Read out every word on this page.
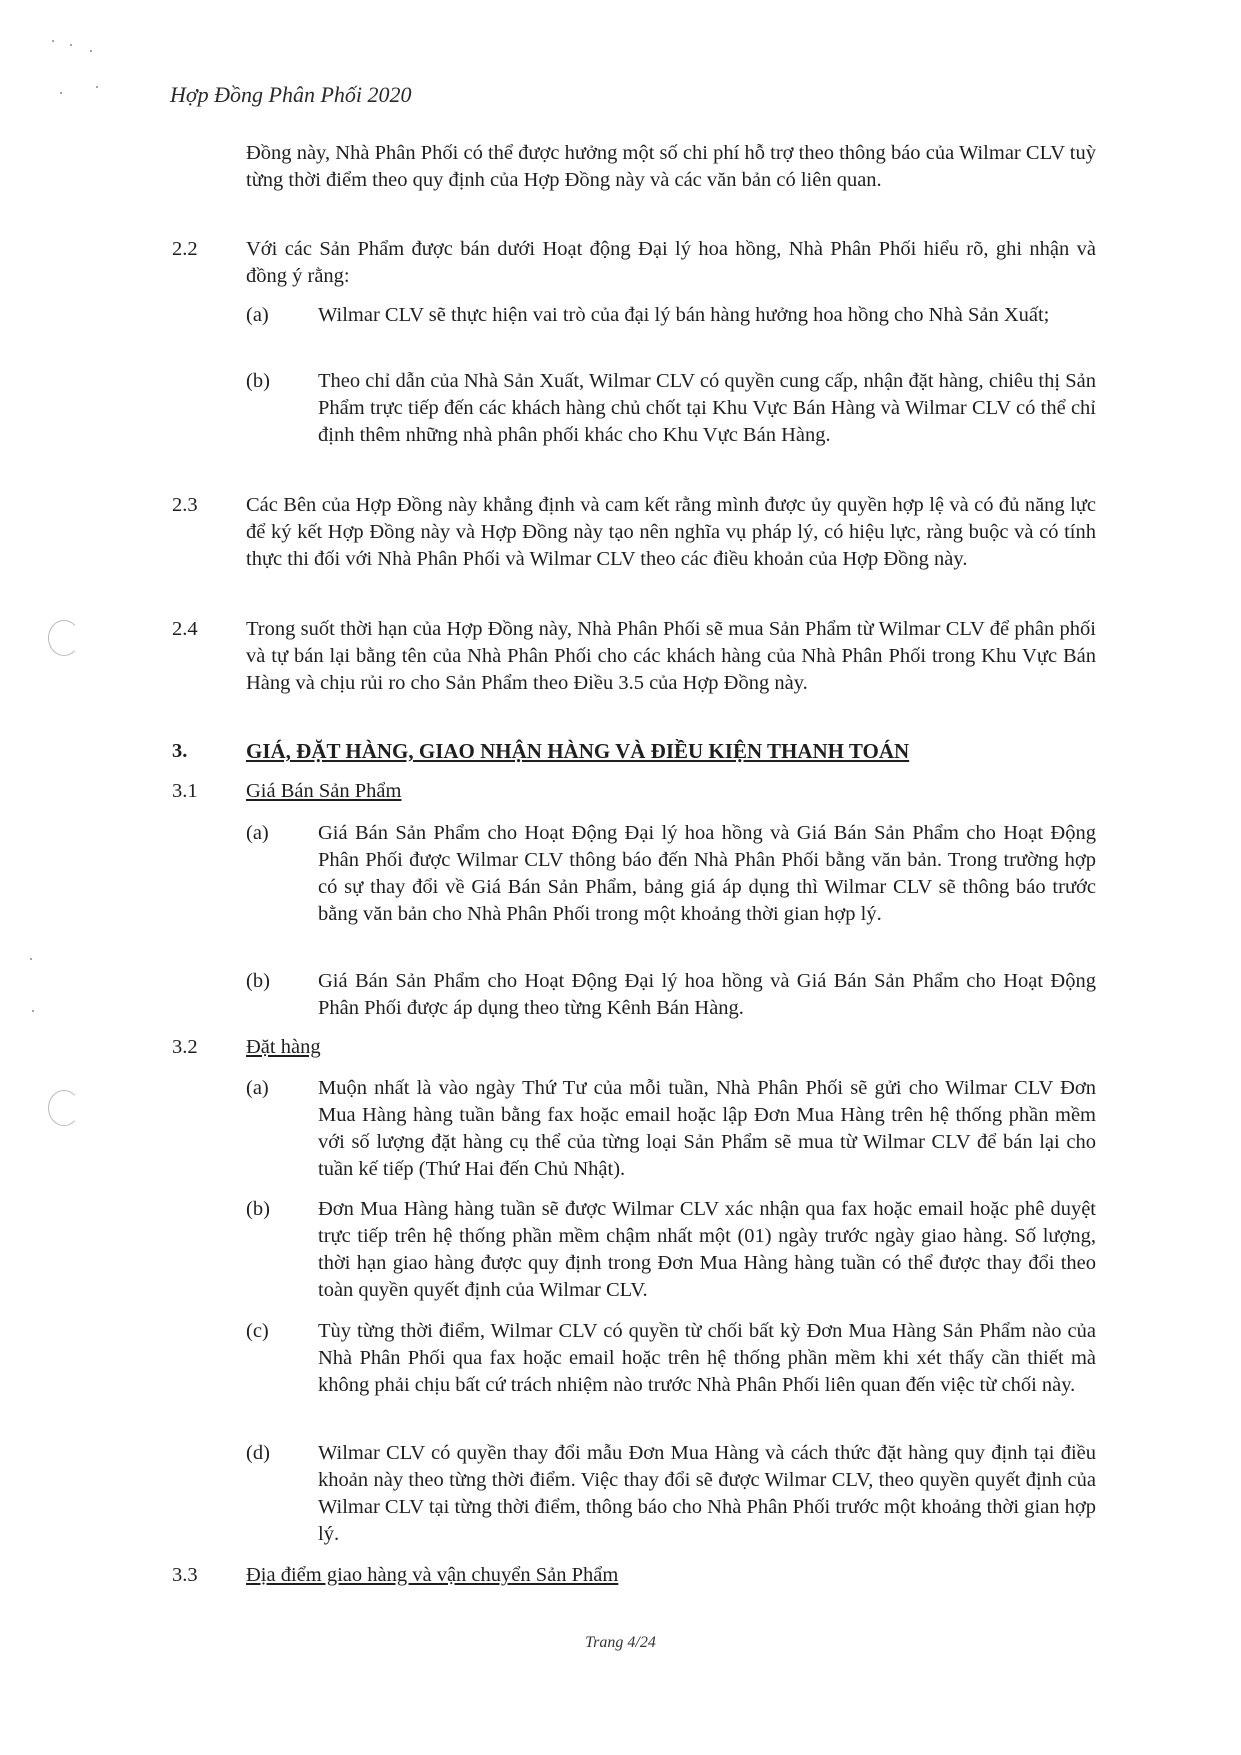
Hợp Đồng Phân Phối 2020
Đồng này, Nhà Phân Phối có thể được hưởng một số chi phí hỗ trợ theo thông báo của Wilmar CLV tuỳ từng thời điểm theo quy định của Hợp Đồng này và các văn bản có liên quan.
2.2 Với các Sản Phẩm được bán dưới Hoạt động Đại lý hoa hồng, Nhà Phân Phối hiểu rõ, ghi nhận và đồng ý rằng:
(a) Wilmar CLV sẽ thực hiện vai trò của đại lý bán hàng hưởng hoa hồng cho Nhà Sản Xuất;
(b) Theo chỉ dẫn của Nhà Sản Xuất, Wilmar CLV có quyền cung cấp, nhận đặt hàng, chiêu thị Sản Phẩm trực tiếp đến các khách hàng chủ chốt tại Khu Vực Bán Hàng và Wilmar CLV có thể chỉ định thêm những nhà phân phối khác cho Khu Vực Bán Hàng.
2.3 Các Bên của Hợp Đồng này khẳng định và cam kết rằng mình được ủy quyền hợp lệ và có đủ năng lực để ký kết Hợp Đồng này và Hợp Đồng này tạo nên nghĩa vụ pháp lý, có hiệu lực, ràng buộc và có tính thực thi đối với Nhà Phân Phối và Wilmar CLV theo các điều khoản của Hợp Đồng này.
2.4 Trong suốt thời hạn của Hợp Đồng này, Nhà Phân Phối sẽ mua Sản Phẩm từ Wilmar CLV để phân phối và tự bán lại bằng tên của Nhà Phân Phối cho các khách hàng của Nhà Phân Phối trong Khu Vực Bán Hàng và chịu rủi ro cho Sản Phẩm theo Điều 3.5 của Hợp Đồng này.
3.	GIÁ, ĐẶT HÀNG, GIAO NHẬN HÀNG VÀ ĐIỀU KIỆN THANH TOÁN
3.1 Giá Bán Sản Phẩm
(a) Giá Bán Sản Phẩm cho Hoạt Động Đại lý hoa hồng và Giá Bán Sản Phẩm cho Hoạt Động Phân Phối được Wilmar CLV thông báo đến Nhà Phân Phối bằng văn bản. Trong trường hợp có sự thay đổi về Giá Bán Sản Phẩm, bảng giá áp dụng thì Wilmar CLV sẽ thông báo trước bằng văn bản cho Nhà Phân Phối trong một khoảng thời gian hợp lý.
(b) Giá Bán Sản Phẩm cho Hoạt Động Đại lý hoa hồng và Giá Bán Sản Phẩm cho Hoạt Động Phân Phối được áp dụng theo từng Kênh Bán Hàng.
3.2 Đặt hàng
(a) Muộn nhất là vào ngày Thứ Tư của mỗi tuần, Nhà Phân Phối sẽ gửi cho Wilmar CLV Đơn Mua Hàng hàng tuần bằng fax hoặc email hoặc lập Đơn Mua Hàng trên hệ thống phần mềm với số lượng đặt hàng cụ thể của từng loại Sản Phẩm sẽ mua từ Wilmar CLV để bán lại cho tuần kế tiếp (Thứ Hai đến Chủ Nhật).
(b) Đơn Mua Hàng hàng tuần sẽ được Wilmar CLV xác nhận qua fax hoặc email hoặc phê duyệt trực tiếp trên hệ thống phần mềm chậm nhất một (01) ngày trước ngày giao hàng. Số lượng, thời hạn giao hàng được quy định trong Đơn Mua Hàng hàng tuần có thể được thay đổi theo toàn quyền quyết định của Wilmar CLV.
(c) Tùy từng thời điểm, Wilmar CLV có quyền từ chối bất kỳ Đơn Mua Hàng Sản Phẩm nào của Nhà Phân Phối qua fax hoặc email hoặc trên hệ thống phần mềm khi xét thấy cần thiết mà không phải chịu bất cứ trách nhiệm nào trước Nhà Phân Phối liên quan đến việc từ chối này.
(d) Wilmar CLV có quyền thay đổi mẫu Đơn Mua Hàng và cách thức đặt hàng quy định tại điều khoản này theo từng thời điểm. Việc thay đổi sẽ được Wilmar CLV, theo quyền quyết định của Wilmar CLV tại từng thời điểm, thông báo cho Nhà Phân Phối trước một khoảng thời gian hợp lý.
3.3 Địa điểm giao hàng và vận chuyển Sản Phẩm
Trang 4/24
